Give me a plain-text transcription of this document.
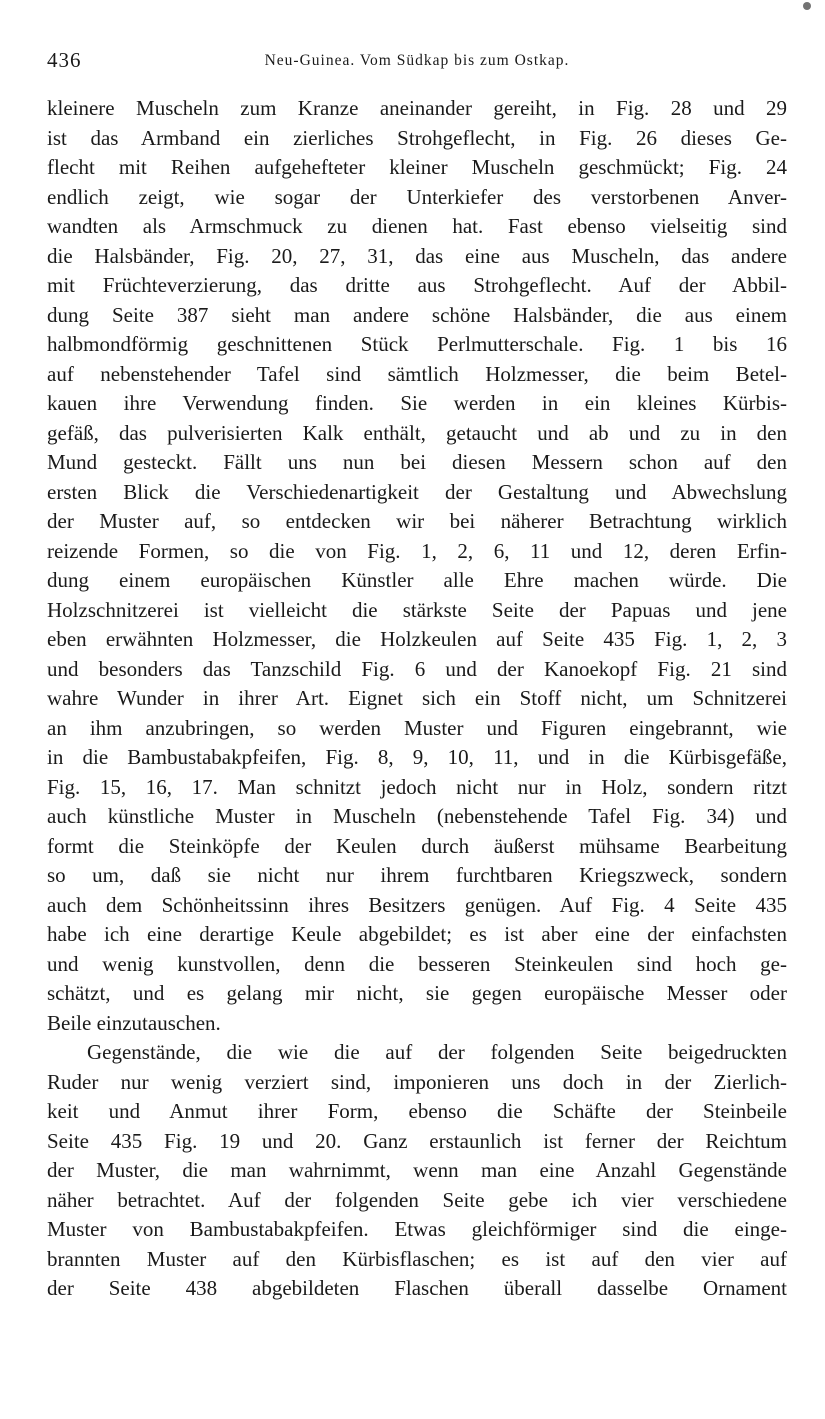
436	Neu-Guinea. Vom Südkap bis zum Ostkap.
kleinere Muscheln zum Kranze aneinander gereiht, in Fig. 28 und 29
ist das Armband ein zierliches Strohgeflecht, in Fig. 26 dieses Ge-
flecht mit Reihen aufgehefteter kleiner Muscheln geschmückt; Fig. 24
endlich zeigt, wie sogar der Unterkiefer des verstorbenen Anver-
wandten als Armschmuck zu dienen hat. Fast ebenso vielseitig sind
die Halsbänder, Fig. 20, 27, 31, das eine aus Muscheln, das andere
mit Früchteverzierung, das dritte aus Strohgeflecht. Auf der Abbil-
dung Seite 387 sieht man andere schöne Halsbänder, die aus einem
halbmondförmig geschnittenen Stück Perlmutterschale. Fig. 1 bis 16
auf nebenstehender Tafel sind sämtlich Holzmesser, die beim Betel-
kauen ihre Verwendung finden. Sie werden in ein kleines Kürbis-
gefäß, das pulverisierten Kalk enthält, getaucht und ab und zu in den
Mund gesteckt. Fällt uns nun bei diesen Messern schon auf den
ersten Blick die Verschiedenartigkeit der Gestaltung und Abwechslung
der Muster auf, so entdecken wir bei näherer Betrachtung wirklich
reizende Formen, so die von Fig. 1, 2, 6, 11 und 12, deren Erfin-
dung einem europäischen Künstler alle Ehre machen würde. Die
Holzschnitzerei ist vielleicht die stärkste Seite der Papuas und jene
eben erwähnten Holzmesser, die Holzkeulen auf Seite 435 Fig. 1, 2, 3
und besonders das Tanzschild Fig. 6 und der Kanoekopf Fig. 21 sind
wahre Wunder in ihrer Art. Eignet sich ein Stoff nicht, um Schnitzerei
an ihm anzubringen, so werden Muster und Figuren eingebrannt, wie
in die Bambustabakpfeifen, Fig. 8, 9, 10, 11, und in die Kürbisgefäße,
Fig. 15, 16, 17. Man schnitzt jedoch nicht nur in Holz, sondern ritzt
auch künstliche Muster in Muscheln (nebenstehende Tafel Fig. 34) und
formt die Steinköpfe der Keulen durch äußerst mühsame Bearbeitung
so um, daß sie nicht nur ihrem furchtbaren Kriegszweck, sondern
auch dem Schönheitssinn ihres Besitzers genügen. Auf Fig. 4 Seite 435
habe ich eine derartige Keule abgebildet; es ist aber eine der einfachsten
und wenig kunstvollen, denn die besseren Steinkeulen sind hoch ge-
schätzt, und es gelang mir nicht, sie gegen europäische Messer oder
Beile einzutauschen.
Gegenstände, die wie die auf der folgenden Seite beigedruckten
Ruder nur wenig verziert sind, imponieren uns doch in der Zierlich-
keit und Anmut ihrer Form, ebenso die Schäfte der Steinbeile
Seite 435 Fig. 19 und 20. Ganz erstaunlich ist ferner der Reichtum
der Muster, die man wahrnimmt, wenn man eine Anzahl Gegenstände
näher betrachtet. Auf der folgenden Seite gebe ich vier verschiedene
Muster von Bambustabakpfeifen. Etwas gleichförmiger sind die einge-
brannten Muster auf den Kürbisflaschen; es ist auf den vier auf
der Seite 438 abgebildeten Flaschen überall dasselbe Ornament
